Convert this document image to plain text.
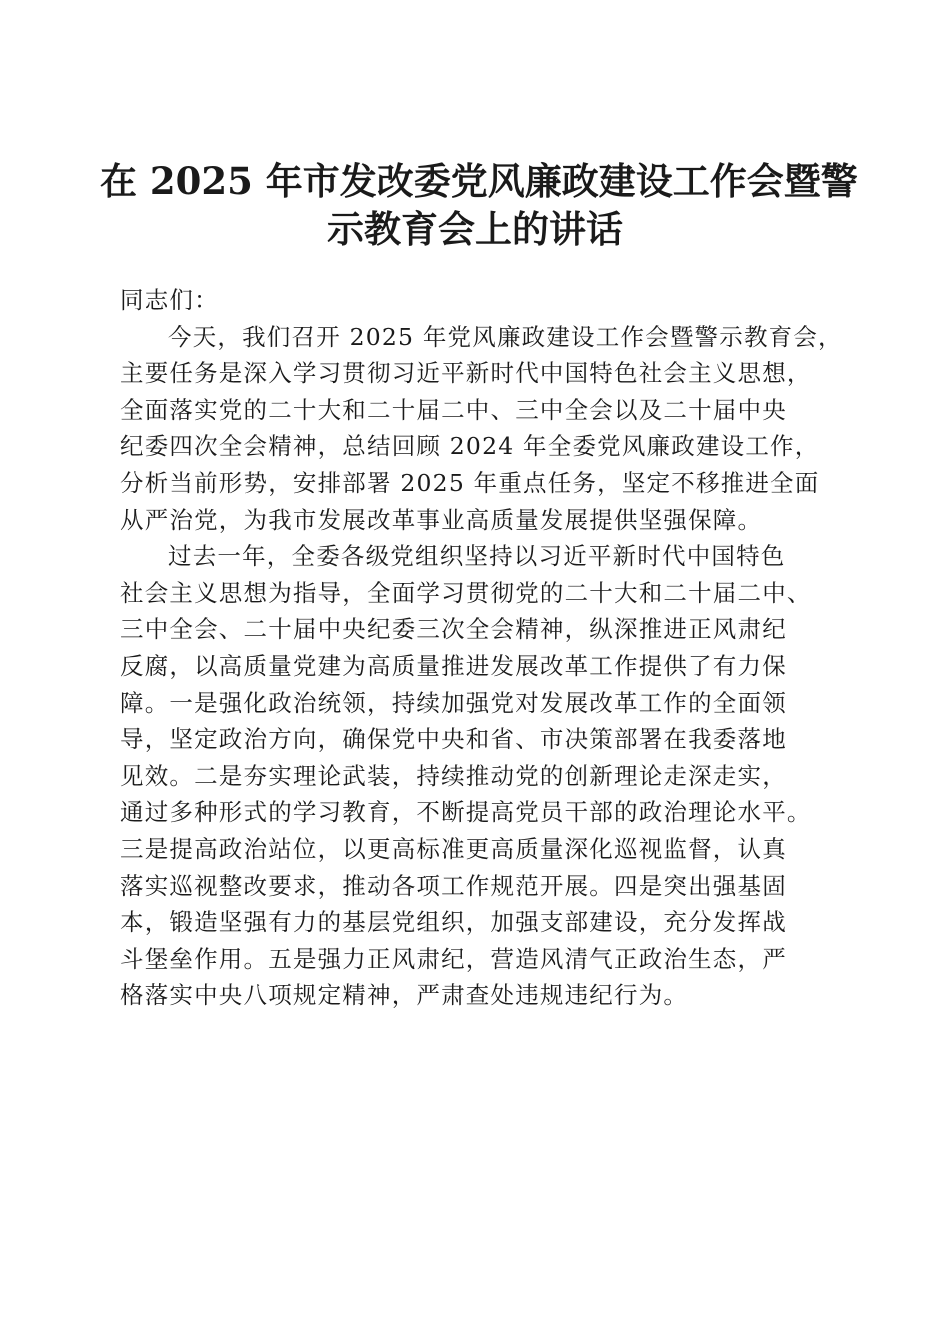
在 2025 年市发改委党风廉政建设工作会暨警
示教育会上的讲话

同志们：

今天，我们召开 2025 年党风廉政建设工作会暨警示教育会，
主要任务是深入学习贯彻习近平新时代中国特色社会主义思想，
全面落实党的二十大和二十届二中、三中全会以及二十届中央
纪委四次全会精神，总结回顾 2024 年全委党风廉政建设工作，
分析当前形势，安排部署 2025 年重点任务，坚定不移推进全面
从严治党，为我市发展改革事业高质量发展提供坚强保障。

过去一年，全委各级党组织坚持以习近平新时代中国特色
社会主义思想为指导，全面学习贯彻党的二十大和二十届二中、
三中全会、二十届中央纪委三次全会精神，纵深推进正风肃纪
反腐，以高质量党建为高质量推进发展改革工作提供了有力保
障。一是强化政治统领，持续加强党对发展改革工作的全面领
导，坚定政治方向，确保党中央和省、市决策部署在我委落地
见效。二是夯实理论武装，持续推动党的创新理论走深走实，
通过多种形式的学习教育，不断提高党员干部的政治理论水平。
三是提高政治站位，以更高标准更高质量深化巡视监督，认真
落实巡视整改要求，推动各项工作规范开展。四是突出强基固
本，锻造坚强有力的基层党组织，加强支部建设，充分发挥战
斗堡垒作用。五是强力正风肃纪，营造风清气正政治生态，严
格落实中央八项规定精神，严肃查处违规违纪行为。
